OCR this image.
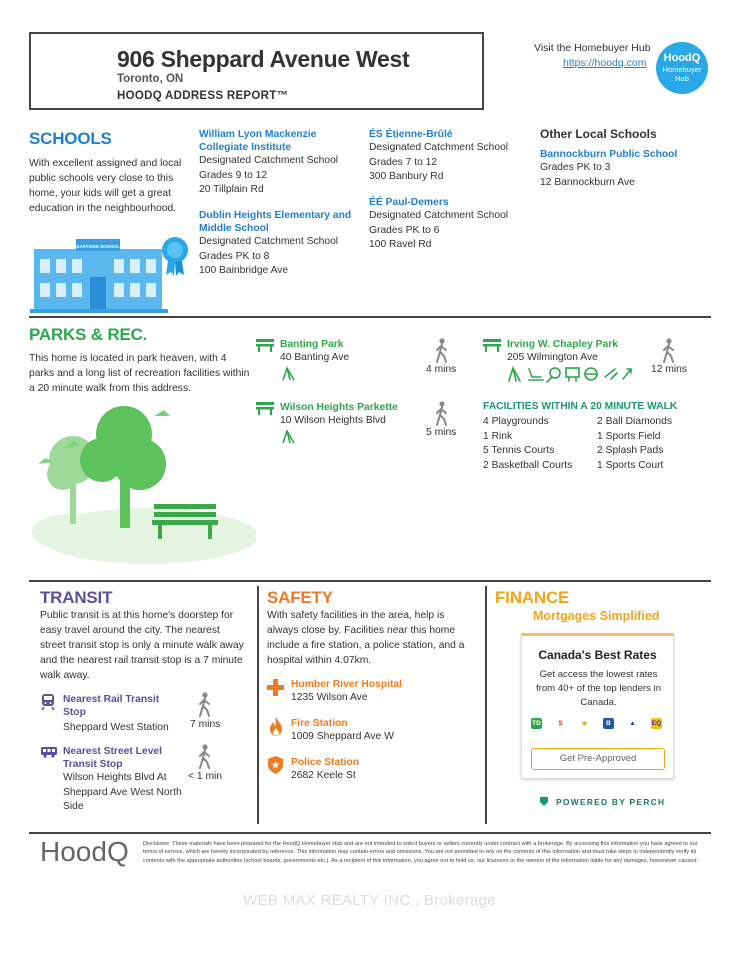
906 Sheppard Avenue West
Toronto, ON
HOODQ ADDRESS REPORT™
Visit the Homebuyer Hub
https://hoodq.com	HoodQ
Homebuyer Hub
SCHOOLS
With excellent assigned and local public schools very close to this home, your kids will get a great education in the neighbourhood.
EASTSIDE SCHOOL
William Lyon Mackenzie Collegiate Institute
Designated Catchment School
Grades 9 to 12
20 Tillplain Rd
Dublin Heights Elementary and Middle School
Designated Catchment School
Grades PK to 8
100 Bainbridge Ave
ÉS Étienne-Brûlé
Designated Catchment School
Grades 7 to 12
300 Banbury Rd
ÉÉ Paul-Demers
Designated Catchment School
Grades PK to 6
100 Ravel Rd
Other Local Schools
Bannockburn Public School
Grades PK to 3
12 Bannockburn Ave
PARKS & REC.
This home is located in park heaven, with 4 parks and a long list of recreation facilities within a 20 minute walk from this address.
Banting Park
40 Banting Ave
4 mins
Wilson Heights Parkette
10 Wilson Heights Blvd
5 mins
Irving W. Chapley Park
205 Wilmington Ave
12 mins
FACILITIES WITHIN A 20 MINUTE WALK
4 Playgrounds
1 Rink
5 Tennis Courts
2 Basketball Courts
2 Ball Diamonds
1 Sports Field
2 Splash Pads
1 Sports Court
TRANSIT
Public transit is at this home's doorstep for easy travel around the city. The nearest street transit stop is only a minute walk away and the nearest rail transit stop is a 7 minute walk away.
Nearest Rail Transit
Stop
Sheppard West Station	7 mins
Nearest Street Level
Transit Stop
Wilson Heights Blvd At
Sheppard Ave West North
Side
< 1 min
SAFETY
With safety facilities in the area, help is always close by. Facilities near this home include a fire station, a police station, and a hospital within 4.07km.
Humber River Hospital
1235 Wilson Ave
Fire Station
1009 Sheppard Ave W
Police Station
2682 Keele St
FINANCE
Mortgages Simplified
Canada's Best Rates
Get access the lowest rates from 40+ of the top lenders in Canada.
TD	S	◆	B	▲	EQ
Get Pre-Approved
POWERED BY PERCH
HoodQ	Disclaimer: These materials have been prepared for the HoodQ Homebuyer Hub and are not intended to solicit buyers or sellers currently under contract with a brokerage. By accessing this information you have agreed to our terms of service, which are hereby incorporated by reference. This information may contain errors and omissions. You are not permitted to rely on the contents of this information and must take steps to independently verify its contents with the appropriate authorities (school boards, governments etc.). As a recipient of this information, you agree not to hold us, our licensors or the owners of the information liable for any damages, howsoever caused.
WEB MAX REALTY INC., Brokerage
